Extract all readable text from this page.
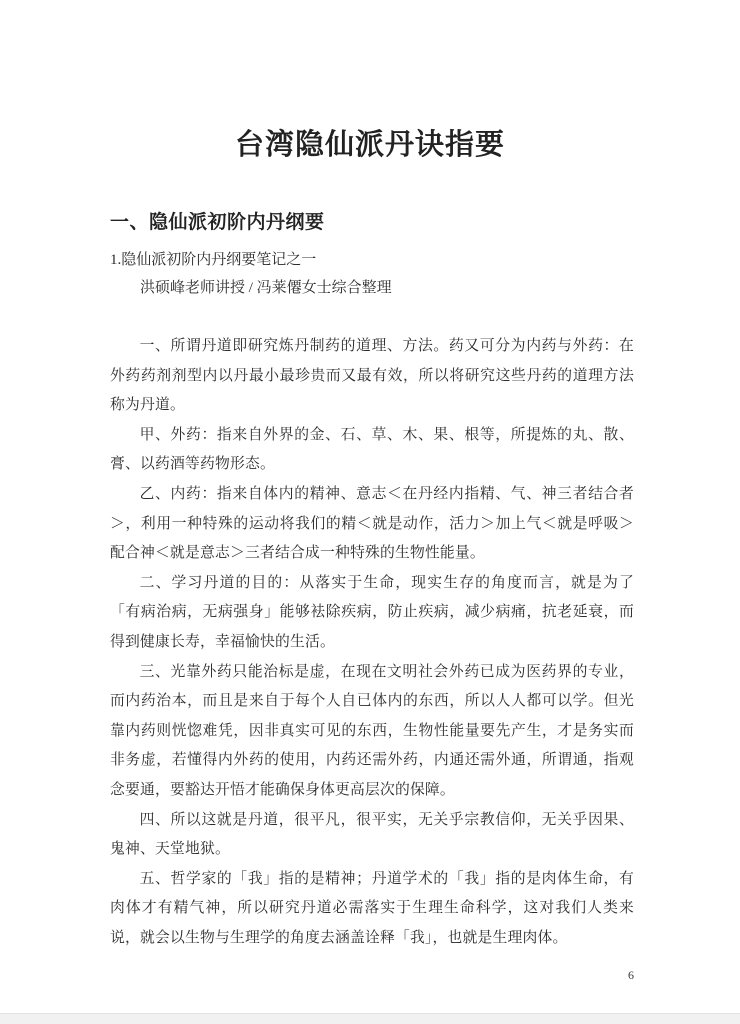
台湾隐仙派丹诀指要
一、隐仙派初阶内丹纲要
1.隐仙派初阶内丹纲要笔记之一
洪硕峰老师讲授 / 冯莱僊女士综合整理

一、所谓丹道即研究炼丹制药的道理、方法。药又可分为内药与外药：在外药药剂剂型内以丹最小最珍贵而又最有效，所以将研究这些丹药的道理方法称为丹道。

甲、外药：指来自外界的金、石、草、木、果、根等，所提炼的丸、散、膏、以药酒等药物形态。

乙、内药：指来自体内的精神、意志＜在丹经内指精、气、神三者结合者＞，利用一种特殊的运动将我们的精＜就是动作，活力＞加上气＜就是呼吸＞配合神＜就是意志＞三者结合成一种特殊的生物性能量。

二、学习丹道的目的：从落实于生命，现实生存的角度而言，就是为了「有病治病，无病强身」能够袪除疾病，防止疾病，减少病痛，抗老延衰，而得到健康长寿，幸福愉快的生活。

三、光靠外药只能治标是虚，在现在文明社会外药已成为医药界的专业，而内药治本，而且是来自于每个人自已体内的东西，所以人人都可以学。但光靠内药则恍惚难凭，因非真实可见的东西，生物性能量要先产生，才是务实而非务虚，若懂得内外药的使用，内药还需外药，内通还需外通，所谓通，指观念要通，要豁达开悟才能确保身体更高层次的保障。

四、所以这就是丹道，很平凡，很平实，无关乎宗教信仰，无关乎因果、鬼神、天堂地狱。

五、哲学家的「我」指的是精神；丹道学术的「我」指的是肉体生命，有肉体才有精气神，所以研究丹道必需落实于生理生命科学，这对我们人类来说，就会以生物与生理学的角度去涵盖诠释「我」，也就是生理肉体。

6
